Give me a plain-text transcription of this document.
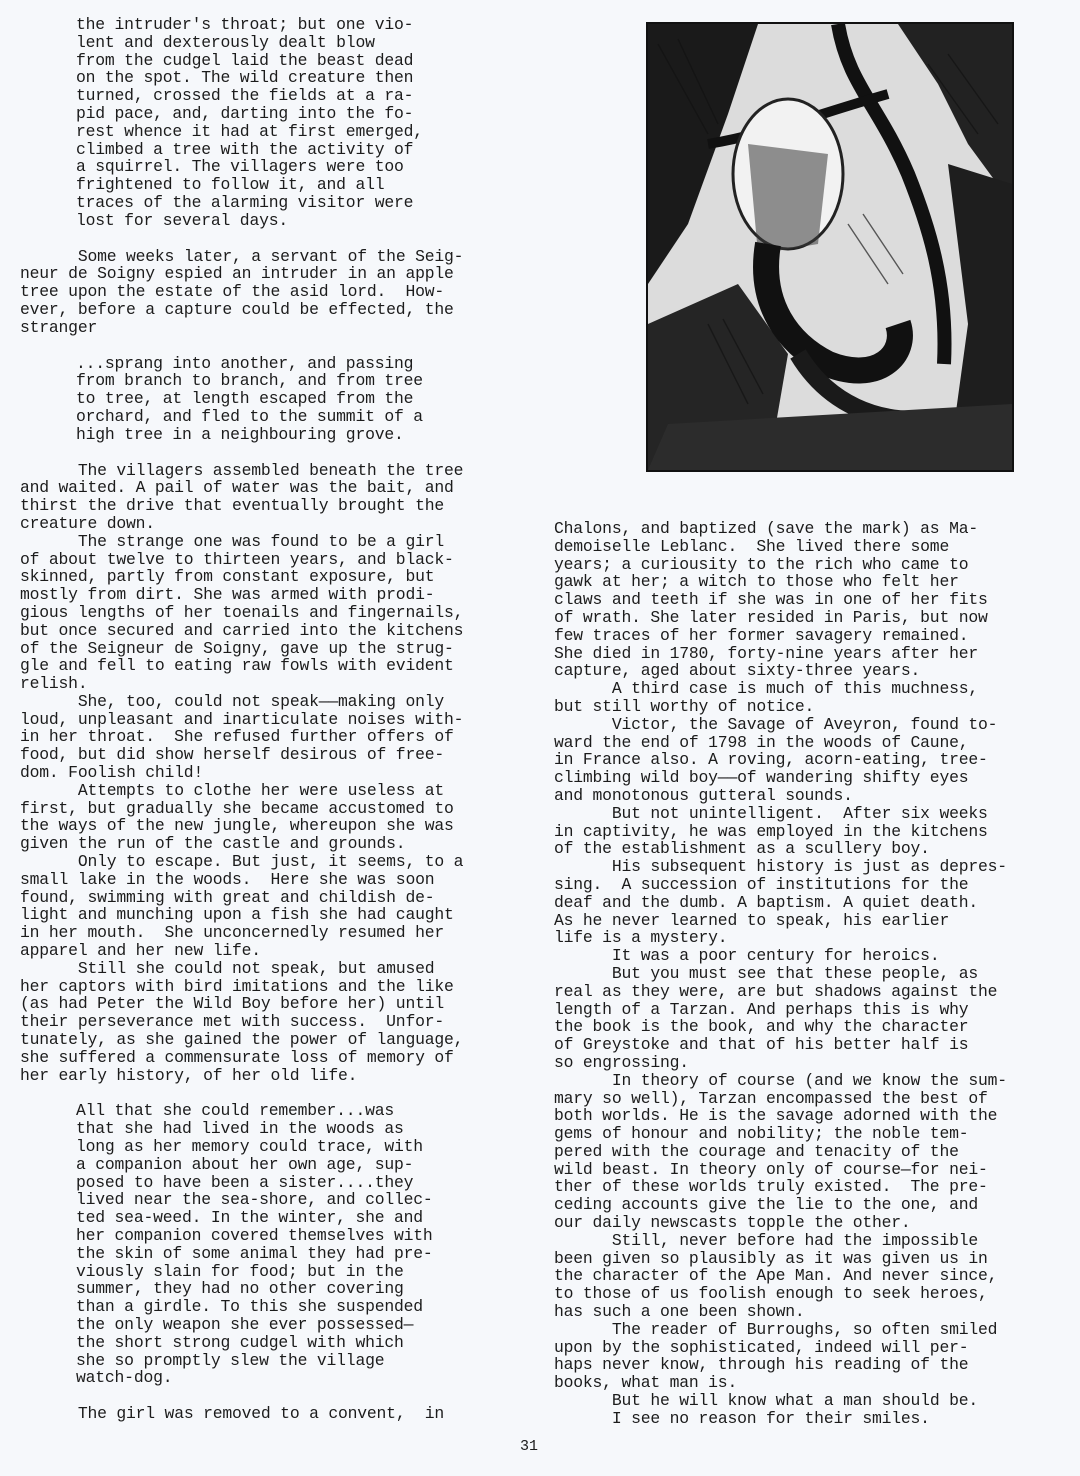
the intruder's throat; but one vio-
lent and dexterously dealt blow
from the cudgel laid the beast dead
on the spot. The wild creature then
turned, crossed the fields at a ra-
pid pace, and, darting into the fo-
rest whence it had at first emerged,
climbed a tree with the activity of
a squirrel. The villagers were too
frightened to follow it, and all
traces of the alarming visitor were
lost for several days.

Some weeks later, a servant of the Seig-
neur de Soigny espied an intruder in an apple
tree upon the estate of the asid lord.  How-
ever, before a capture could be effected, the
stranger

...sprang into another, and passing
from branch to branch, and from tree
to tree, at length escaped from the
orchard, and fled to the summit of a
high tree in a neighbouring grove.

The villagers assembled beneath the tree
and waited. A pail of water was the bait, and
thirst the drive that eventually brought the
creature down.
The strange one was found to be a girl
of about twelve to thirteen years, and black-
skinned, partly from constant exposure, but
mostly from dirt. She was armed with prodi-
gious lengths of her toenails and fingernails,
but once secured and carried into the kitchens
of the Seigneur de Soigny, gave up the strug-
gle and fell to eating raw fowls with evident
relish.
She, too, could not speak——making only
loud, unpleasant and inarticulate noises with-
in her throat.  She refused further offers of
food, but did show herself desirous of free-
dom. Foolish child!
Attempts to clothe her were useless at
first, but gradually she became accustomed to
the ways of the new jungle, whereupon she was
given the run of the castle and grounds.
Only to escape. But just, it seems, to a
small lake in the woods.  Here she was soon
found, swimming with great and childish de-
light and munching upon a fish she had caught
in her mouth.  She unconcernedly resumed her
apparel and her new life.
Still she could not speak, but amused
her captors with bird imitations and the like
(as had Peter the Wild Boy before her) until
their perseverance met with success.  Unfor-
tunately, as she gained the power of language,
she suffered a commensurate loss of memory of
her early history, of her old life.

All that she could remember...was
that she had lived in the woods as
long as her memory could trace, with
a companion about her own age, sup-
posed to have been a sister....they
lived near the sea-shore, and collec-
ted sea-weed. In the winter, she and
her companion covered themselves with
the skin of some animal they had pre-
viously slain for food; but in the
summer, they had no other covering
than a girdle. To this she suspended
the only weapon she ever possessed—
the short strong cudgel with which
she so promptly slew the village
watch-dog.

The girl was removed to a convent,  in

Chalons, and baptized (save the mark) as Ma-
demoiselle Leblanc.  She lived there some
years; a curiousity to the rich who came to
gawk at her; a witch to those who felt her
claws and teeth if she was in one of her fits
of wrath. She later resided in Paris, but now
few traces of her former savagery remained.
She died in 1780, forty-nine years after her
capture, aged about sixty-three years.
A third case is much of this muchness,
but still worthy of notice.
Victor, the Savage of Aveyron, found to-
ward the end of 1798 in the woods of Caune,
in France also. A roving, acorn-eating, tree-
climbing wild boy——of wandering shifty eyes
and monotonous gutteral sounds.
But not unintelligent.  After six weeks
in captivity, he was employed in the kitchens
of the establishment as a scullery boy.
His subsequent history is just as depres-
sing.  A succession of institutions for the
deaf and the dumb. A baptism. A quiet death.
As he never learned to speak, his earlier
life is a mystery.
It was a poor century for heroics.
But you must see that these people, as
real as they were, are but shadows against the
length of a Tarzan. And perhaps this is why
the book is the book, and why the character
of Greystoke and that of his better half is
so engrossing.
In theory of course (and we know the sum-
mary so well), Tarzan encompassed the best of
both worlds. He is the savage adorned with the
gems of honour and nobility; the noble tem-
pered with the courage and tenacity of the
wild beast. In theory only of course—for nei-
ther of these worlds truly existed.  The pre-
ceding accounts give the lie to the one, and
our daily newscasts topple the other.
Still, never before had the impossible
been given so plausibly as it was given us in
the character of the Ape Man. And never since,
to those of us foolish enough to seek heroes,
has such a one been shown.
The reader of Burroughs, so often smiled
upon by the sophisticated, indeed will per-
haps never know, through his reading of the
books, what man is.
But he will know what a man should be.
I see no reason for their smiles.

31
